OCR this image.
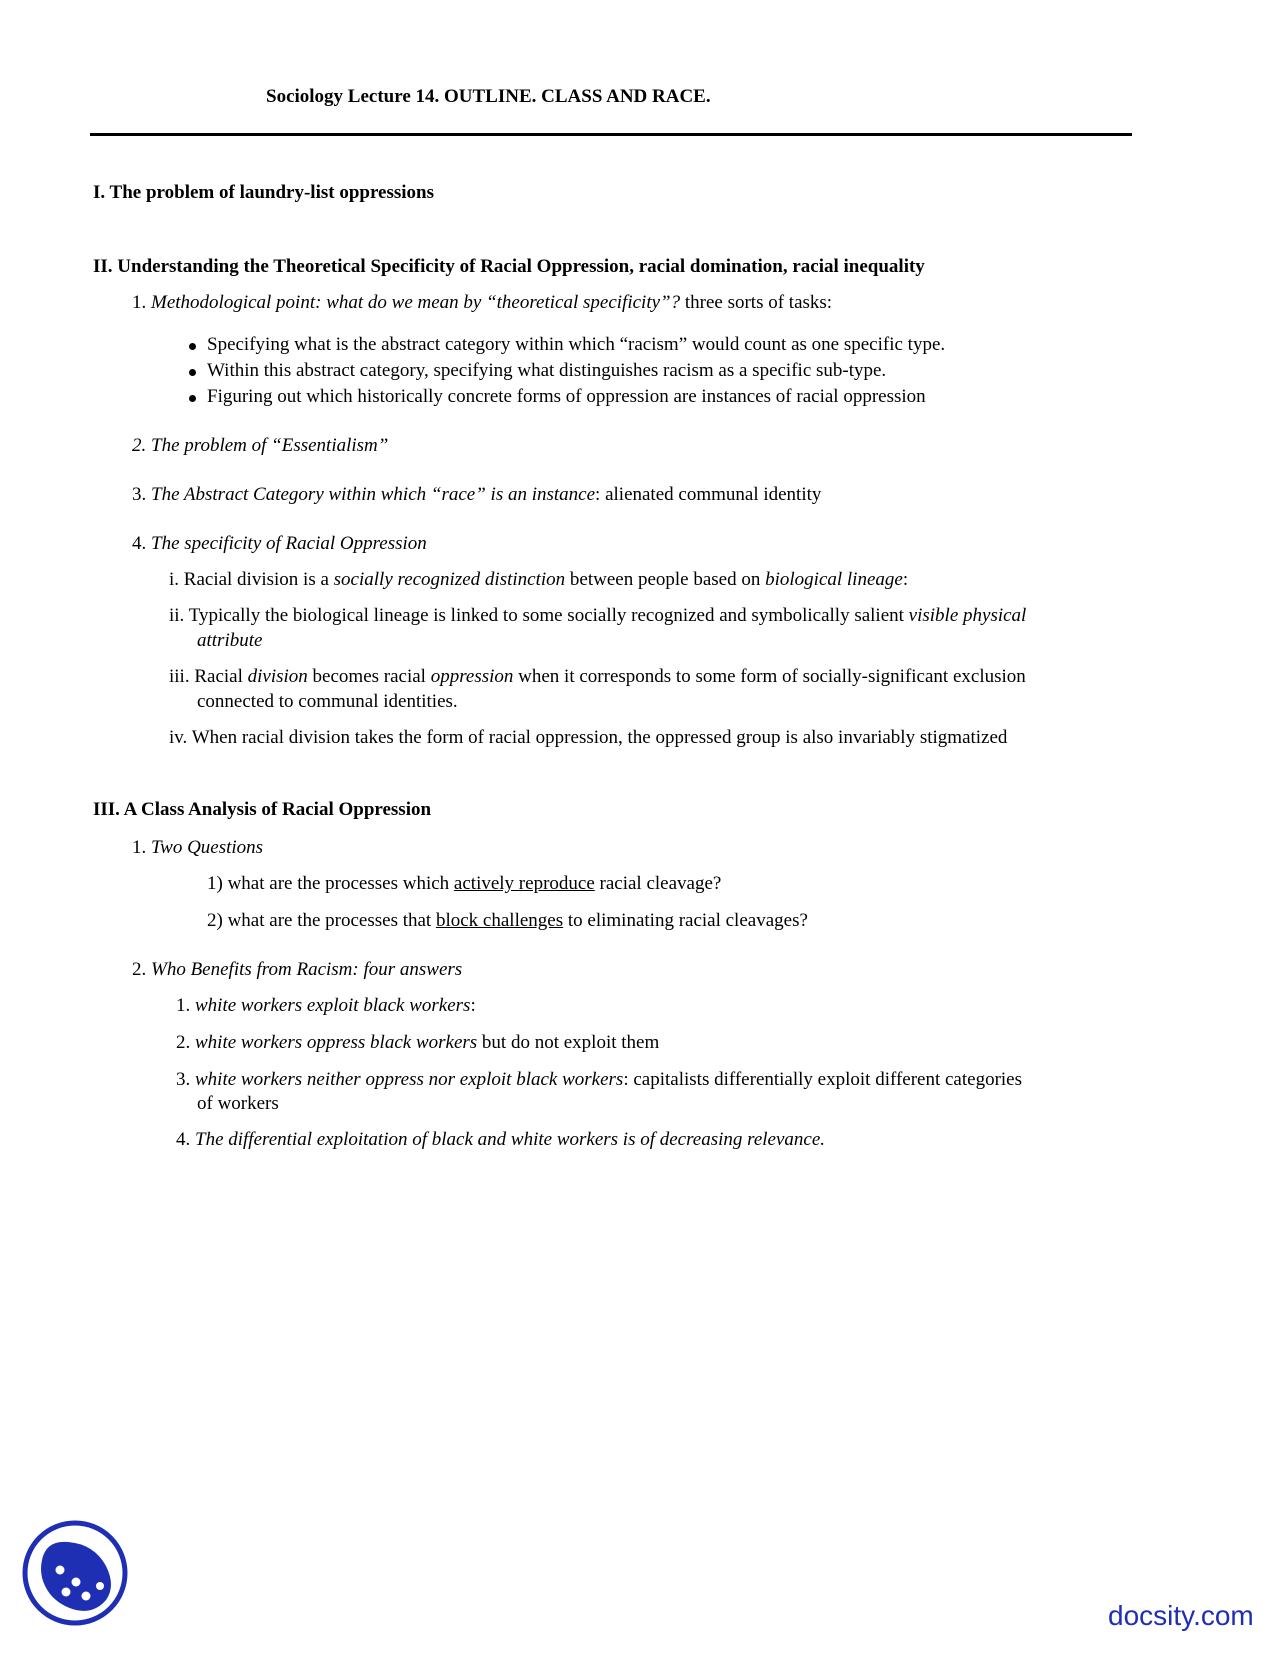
Sociology Lecture 14. OUTLINE. CLASS AND RACE.
I. The problem of laundry-list oppressions
II. Understanding the Theoretical Specificity of Racial Oppression, racial domination, racial inequality
1. Methodological point: what do we mean by “theoretical specificity”? three sorts of tasks:
Specifying what is the abstract category within which “racism” would count as one specific type.
Within this abstract category, specifying what distinguishes racism as a specific sub-type.
Figuring out which historically concrete forms of oppression are instances of racial oppression
2. The problem of “Essentialism”
3. The Abstract Category within which “race” is an instance: alienated communal identity
4. The specificity of Racial Oppression
i. Racial division is a socially recognized distinction between people based on biological lineage:
ii. Typically the biological lineage is linked to some socially recognized and symbolically salient visible physical
attribute
iii. Racial division becomes racial oppression when it corresponds to some form of socially-significant exclusion
connected to communal identities.
iv. When racial division takes the form of racial oppression, the oppressed group is also invariably stigmatized
III. A Class Analysis of Racial Oppression
1. Two Questions
1) what are the processes which actively reproduce racial cleavage?
2) what are the processes that block challenges to eliminating racial cleavages?
2. Who Benefits from Racism: four answers
1. white workers exploit black workers:
2. white workers oppress black workers but do not exploit them
3. white workers neither oppress nor exploit black workers: capitalists differentially exploit different categories
of workers
4. The differential exploitation of black and white workers is of decreasing relevance.
docsity.com
